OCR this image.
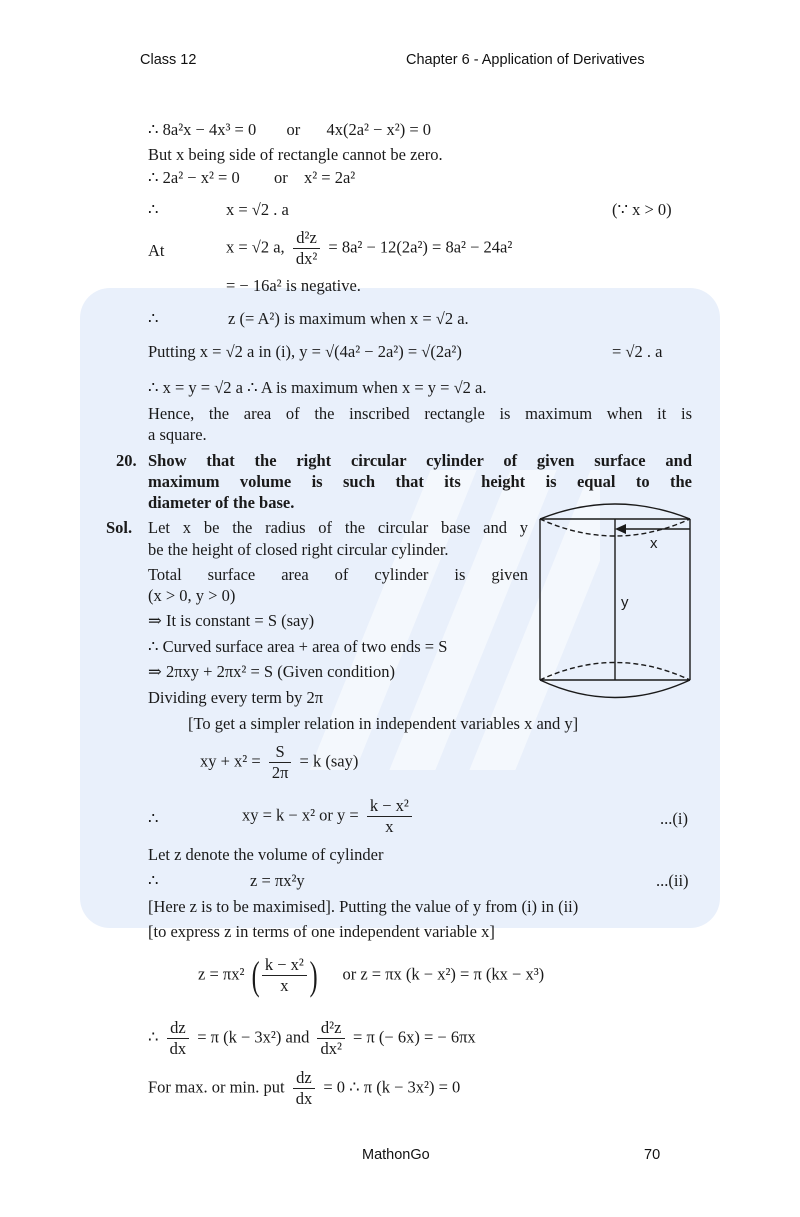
Class 12	Chapter 6 - Application of Derivatives
∴ 8a²x − 4x³ = 0 or 4x(2a² − x²) = 0
But x being side of rectangle cannot be zero.
∴ 2a² − x² = 0 or x² = 2a²
∴	x = √2 . a	(∵ x > 0)
At	x = √2 a, $\frac{\text{d²z}}{\text{dx²}} = 8a^2 - 12(2a^2) = 8a^2 - 24a^2$
= − 16a² is negative.
∴	z (= A²) is maximum when x = √2 a.
Putting x = √2 a in (i), y = √(4a² − 2a²) = √(2a²)	= √2 . a
∴ x = y = √2 a ∴ A is maximum when x = y = √2 a.
Hence, the area of the inscribed rectangle is maximum when it is
a square.
20. Show that the right circular cylinder of given surface and
maximum volume is such that its height is equal to the
diameter of the base.
Sol. Let x be the radius of the circular base and y
be the height of closed right circular cylinder.
Total surface area of cylinder is given
(x > 0, y > 0)
⇒ It is constant = S (say)
∴ Curved surface area + area of two ends = S
⇒ 2πxy + 2πx² = S (Given condition)
Dividing every term by 2π
[To get a simpler relation in independent variables x and y]
xy + $x^2 = \frac{S}{2\pi} = k$ (say)
∴	xy = k − x² or $y = \frac{\text{k − x²}}{x}$	...(i)
Let z denote the volume of cylinder
∴	z = πx²y	...(ii)
[Here z is to be maximised]. Putting the value of y from (i) in (ii)
[to express z in terms of one independent variable x]
z = πx² ( $\frac{\text{k − x²}}{x}$ ) or z = πx (k − x²) = π (kx − x³)
∴ $\frac{dz}{dx} = \pi$ (k − 3x²) and $\frac{\text{d²z}}{\text{dx²}} = \pi$ (− 6x) = − 6πx
For max. or min. put $\frac{dz}{dx} = 0$ ∴ π (k − 3x²) = 0
x
y
MathonGo	70
